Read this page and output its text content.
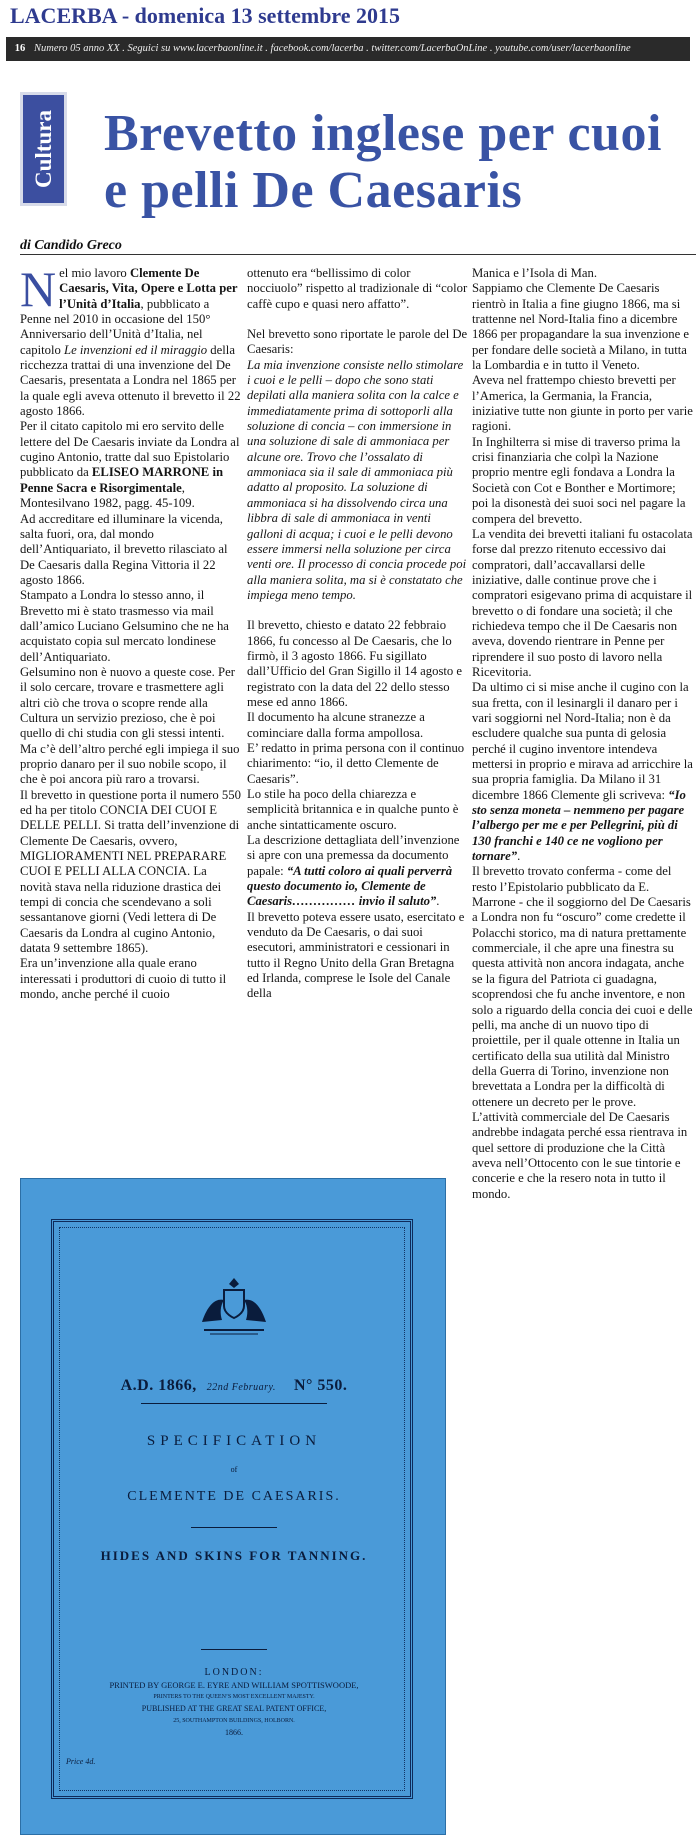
LACERBA - domenica 13 settembre 2015
16 Numero 05 anno XX . Seguici su www.lacerbaonline.it . facebook.com/lacerba . twitter.com/LacerbaOnLine . youtube.com/user/lacerbaonline
Cultura Brevetto inglese per cuoi e pelli De Caesaris
di Candido Greco

Nel mio lavoro Clemente De Caesaris, Vita, Opere e Lotta per l’Unità d’Italia, pubblicato a Penne nel 2010 in occasione del 150° Anniversario dell’Unità d’Italia, nel capitolo Le invenzioni ed il miraggio della ricchezza trattai di una invenzione del De Caesaris, presentata a Londra nel 1865 per la quale egli aveva ottenuto il brevetto il 22 agosto 1866.

Per il citato capitolo mi ero servito delle lettere del De Caesaris inviate da Londra al cugino Antonio, tratte dal suo Epistolario pubblicato da ELISEO MARRONE in Penne Sacra e Risorgimentale, Montesilvano 1982, pagg. 45-109.

Ad accreditare ed illuminare la vicenda, salta fuori, ora, dal mondo dell’Antiquariato, il brevetto rilasciato al De Caesaris dalla Regina Vittoria il 22 agosto 1866.

Stampato a Londra lo stesso anno, il Brevetto mi è stato trasmesso via mail dall’amico Luciano Gelsumino che ne ha acquistato copia sul mercato londinese dell’Antiquariato.

Gelsumino non è nuovo a queste cose. Per il solo cercare, trovare e trasmettere agli altri ciò che trova o scopre rende alla Cultura un servizio prezioso, che è poi quello di chi studia con gli stessi intenti.

Ma c’è dell’altro perché egli impiega il suo proprio danaro per il suo nobile scopo, il che è poi ancora più raro a trovarsi.

Il brevetto in questione porta il numero 550 ed ha per titolo CONCIA DEI CUOI E DELLE PELLI. Si tratta dell’invenzione di Clemente De Caesaris, ovvero, MIGLIORAMENTI NEL PREPARARE CUOI E PELLI ALLA CONCIA. La novità stava nella riduzione drastica dei tempi di concia che scendevano a soli sessantanove giorni (Vedi lettera di De Caesaris da Londra al cugino Antonio, datata 9 settembre 1865).

Era un’invenzione alla quale erano interessati i produttori di cuoio di tutto il mondo, anche perché il cuoio

ottenuto era “bellissimo di color nocciuolo” rispetto al tradizionale di “color caffè cupo e quasi nero affatto”.

Nel brevetto sono riportate le parole del De Caesaris:

La mia invenzione consiste nello stimolare i cuoi e le pelli – dopo che sono stati depilati alla maniera solita con la calce e immediatamente prima di sottoporli alla soluzione di concia – con immersione in una soluzione di sale di ammoniaca per alcune ore. Trovo che l’ossalato di ammoniaca sia il sale di ammoniaca più adatto al proposito. La soluzione di ammoniaca si ha dissolvendo circa una libbra di sale di ammoniaca in venti galloni di acqua; i cuoi e le pelli devono essere immersi nella soluzione per circa venti ore. Il processo di concia procede poi alla maniera solita, ma si è constatato che impiega meno tempo.

Il brevetto, chiesto e datato 22 febbraio 1866, fu concesso al De Caesaris, che lo firmò, il 3 agosto 1866. Fu sigillato dall’Ufficio del Gran Sigillo il 14 agosto e registrato con la data del 22 dello stesso mese ed anno 1866.

Il documento ha alcune stranezze a cominciare dalla forma ampollosa.

E’ redatto in prima persona con il continuo chiarimento: “io, il detto Clemente de Caesaris”.

Lo stile ha poco della chiarezza e semplicità britannica e in qualche punto è anche sintatticamente oscuro.

La descrizione dettagliata dell’invenzione si apre con una premessa da documento papale: “A tutti coloro ai quali perverrà questo documento io, Clemente de Caesaris…………… invio il saluto”.

Il brevetto poteva essere usato, esercitato e venduto da De Caesaris, o dai suoi esecutori, amministratori e cessionari in tutto il Regno Unito della Gran Bretagna ed Irlanda, comprese le Isole del Canale della

Manica e l’Isola di Man.

Sappiamo che Clemente De Caesaris rientrò in Italia a fine giugno 1866, ma si trattenne nel Nord-Italia fino a dicembre 1866 per propagandare la sua invenzione e per fondare delle società a Milano, in tutta la Lombardia e in tutto il Veneto.

Aveva nel frattempo chiesto brevetti per l’America, la Germania, la Francia, iniziative tutte non giunte in porto per varie ragioni.

In Inghilterra si mise di traverso prima la crisi finanziaria che colpì la Nazione proprio mentre egli fondava a Londra la Società con Cot e Bonther e Mortimore; poi la disonestà dei suoi soci nel pagare la compera del brevetto.

La vendita dei brevetti italiani fu ostacolata forse dal prezzo ritenuto eccessivo dai compratori, dall’accavallarsi delle iniziative, dalle continue prove che i compratori esigevano prima di acquistare il brevetto o di fondare una società; il che richiedeva tempo che il De Caesaris non aveva, dovendo rientrare in Penne per riprendere il suo posto di lavoro nella Ricevitoria.

Da ultimo ci si mise anche il cugino con la sua fretta, con il lesinargli il danaro per i vari soggiorni nel Nord-Italia; non è da escludere qualche sua punta di gelosia perché il cugino inventore intendeva mettersi in proprio e mirava ad arricchire la sua propria famiglia. Da Milano il 31 dicembre 1866 Clemente gli scriveva: “Io sto senza moneta – nemmeno per pagare l’albergo per me e per Pellegrini, più di 130 franchi e 140 ce ne vogliono per tornare”.

Il brevetto trovato conferma - come del resto l’Epistolario pubblicato da E. Marrone - che il soggiorno del De Caesaris a Londra non fu “oscuro” come credette il Polacchi storico, ma di natura prettamente commerciale, il che apre una finestra su questa attività non ancora indagata, anche se la figura del Patriota ci guadagna, scoprendosi che fu anche inventore, e non solo a riguardo della concia dei cuoi e delle pelli, ma anche di un nuovo tipo di proiettile, per il quale ottenne in Italia un certificato della sua utilità dal Ministro della Guerra di Torino, invenzione non brevettata a Londra per la difficoltà di ottenere un decreto per le prove.

L’attività commerciale del De Caesaris andrebbe indagata perché essa rientrava in quel settore di produzione che la Città aveva nell’Ottocento con le sue tintorie e concerie e che la resero nota in tutto il mondo.

A.D. 1866, 22nd February. N° 550.
SPECIFICATION
of
CLEMENTE DE CAESARIS.
HIDES AND SKINS FOR TANNING.
LONDON:
PRINTED BY GEORGE E. EYRE AND WILLIAM SPOTTISWOODE,
PRINTERS TO THE QUEEN’S MOST EXCELLENT MAJESTY.
PUBLISHED AT THE GREAT SEAL PATENT OFFICE,
25, SOUTHAMPTON BUILDINGS, HOLBORN.
1866.
Price 4d.
